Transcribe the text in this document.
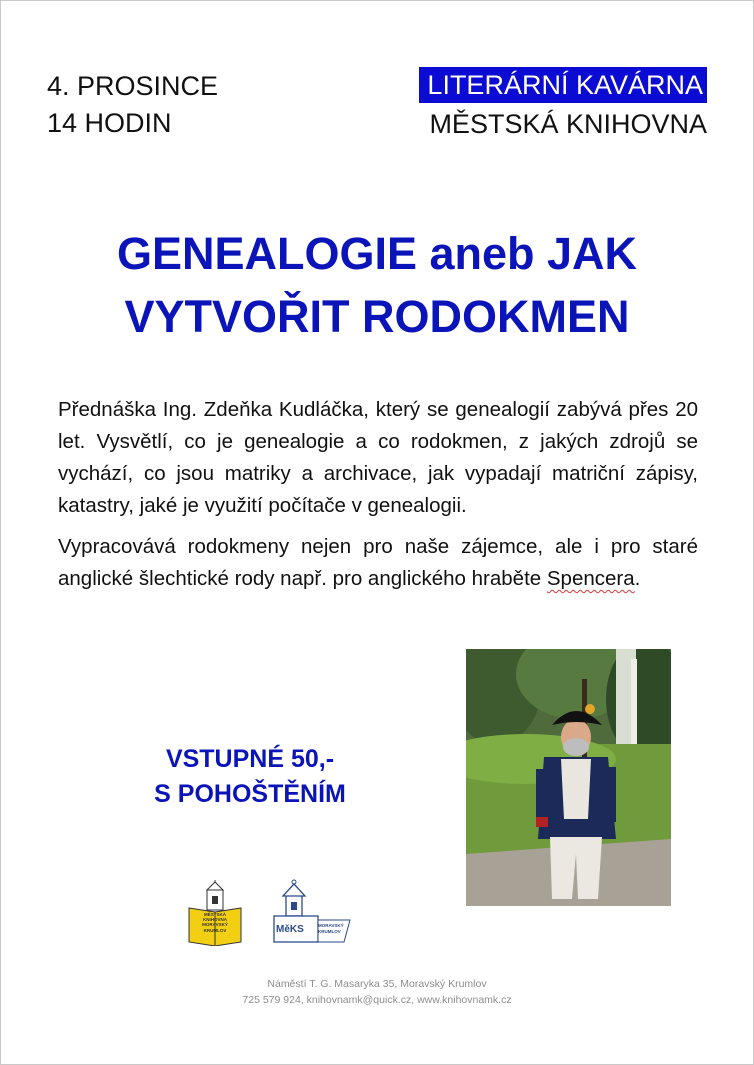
4. PROSINCE
14 HODIN
LITERÁRNÍ KAVÁRNA
MĚSTSKÁ KNIHOVNA
GENEALOGIE aneb JAK
VYTVOŘIT RODOKMEN

Přednáška Ing. Zdeňka Kudláčka, který se genealogií zabývá přes 20 let. Vysvětlí, co je genealogie a co rodokmen, z jakých zdrojů se vychází, co jsou matriky a archivace, jak vypadají matriční zápisy, katastry, jaké je využití počítače v genealogii.

Vypracovává rodokmeny nejen pro naše zájemce, ale i pro staré anglické šlechtické rody např. pro anglického hraběte Spencera.

VSTUPNÉ 50,-
S POHOŠTĚNÍM
MĚSTSKÁ
KNIHOVNA
MORAVSKÝ
KRUMLOV	MěKS	MORAVSKÝ
KRUMLOV
Náměstí T. G. Masaryka 35, Moravský Krumlov
725 579 924, knihovnamk@quick.cz, www.knihovnamk.cz
